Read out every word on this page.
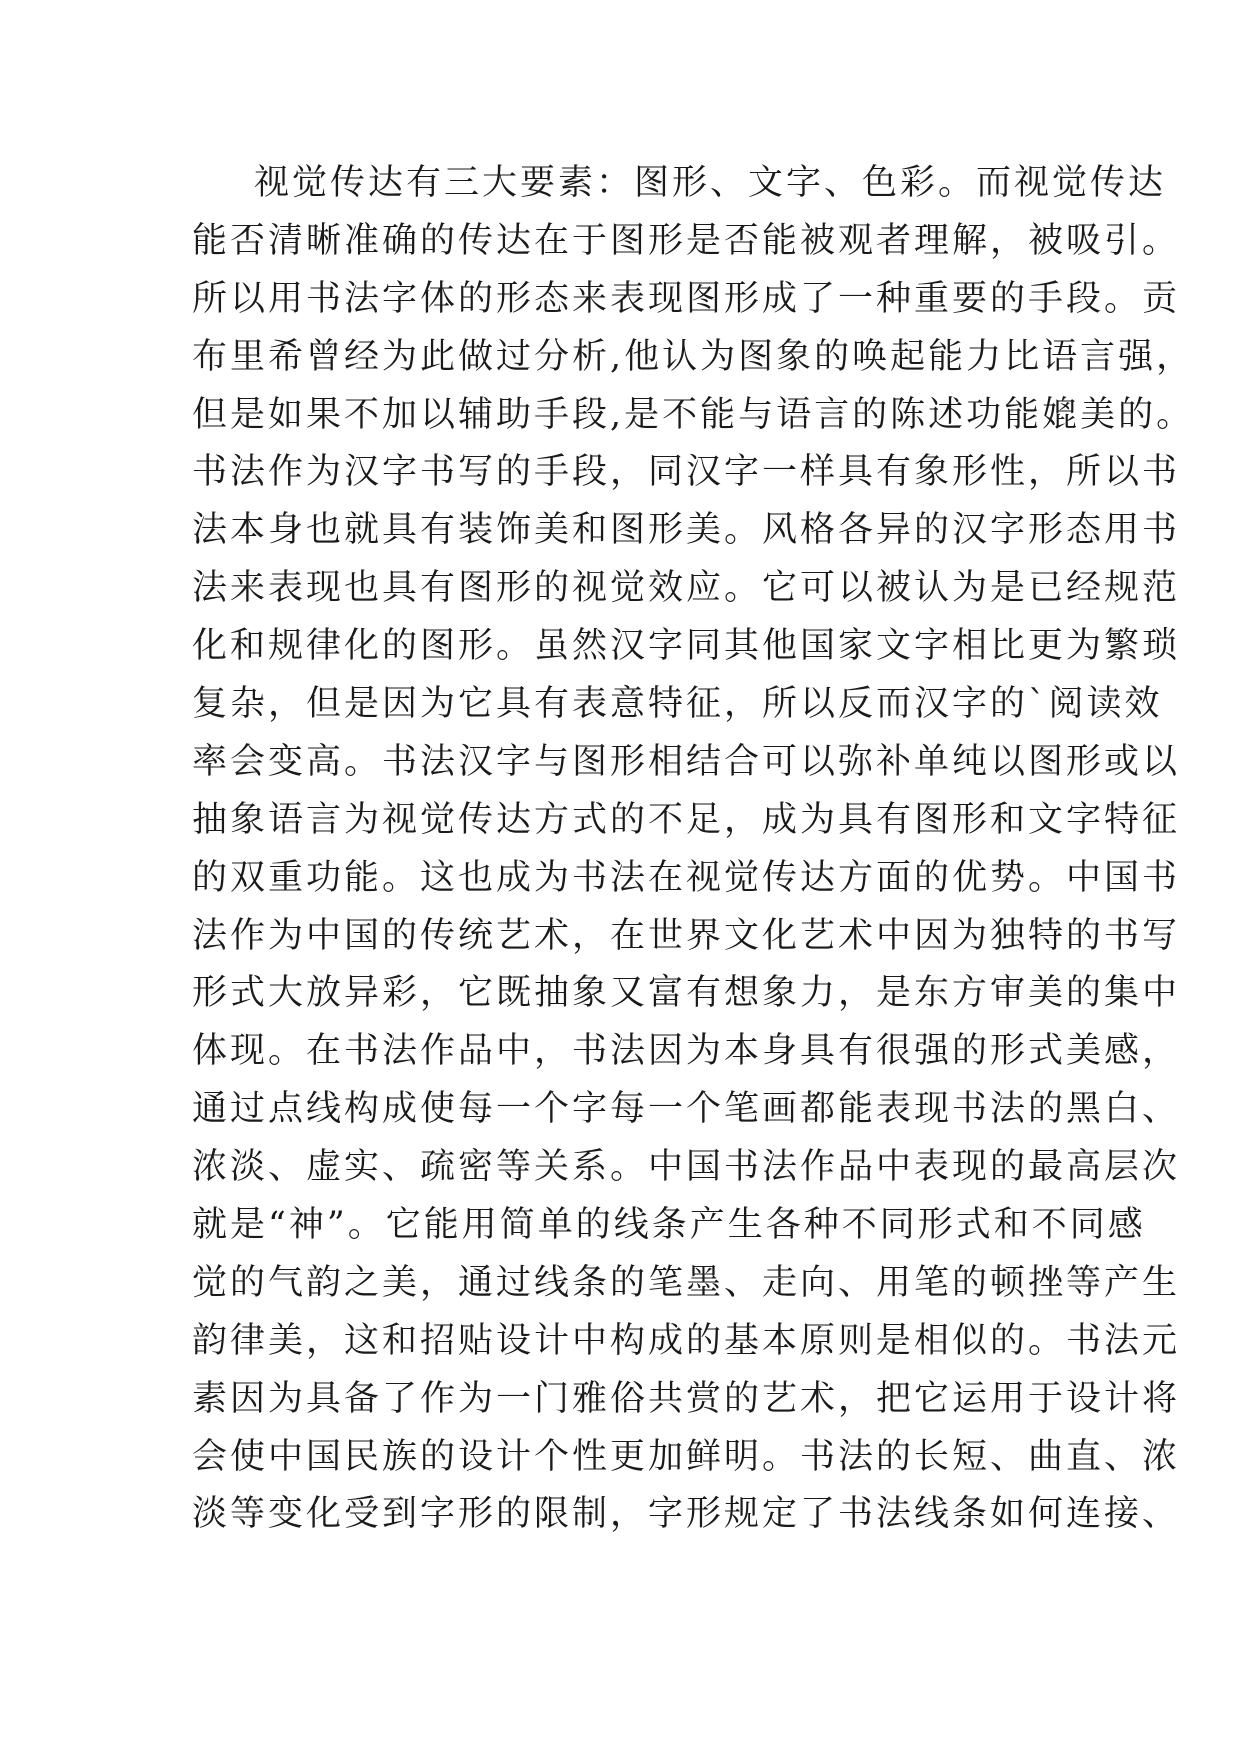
视觉传达有三大要素：图形、文字、色彩。而视觉传达
能否清晰准确的传达在于图形是否能被观者理解，被吸引。
所以用书法字体的形态来表现图形成了一种重要的手段。贡
布里希曾经为此做过分析,他认为图象的唤起能力比语言强，
但是如果不加以辅助手段,是不能与语言的陈述功能媲美的。
书法作为汉字书写的手段，同汉字一样具有象形性，所以书
法本身也就具有装饰美和图形美。风格各异的汉字形态用书
法来表现也具有图形的视觉效应。它可以被认为是已经规范
化和规律化的图形。虽然汉字同其他国家文字相比更为繁琐
复杂，但是因为它具有表意特征，所以反而汉字的`阅读效
率会变高。书法汉字与图形相结合可以弥补单纯以图形或以
抽象语言为视觉传达方式的不足，成为具有图形和文字特征
的双重功能。这也成为书法在视觉传达方面的优势。中国书
法作为中国的传统艺术，在世界文化艺术中因为独特的书写
形式大放异彩，它既抽象又富有想象力，是东方审美的集中
体现。在书法作品中，书法因为本身具有很强的形式美感，
通过点线构成使每一个字每一个笔画都能表现书法的黑白、
浓淡、虚实、疏密等关系。中国书法作品中表现的最高层次
就是“神”。它能用简单的线条产生各种不同形式和不同感
觉的气韵之美，通过线条的笔墨、走向、用笔的顿挫等产生
韵律美，这和招贴设计中构成的基本原则是相似的。书法元
素因为具备了作为一门雅俗共赏的艺术，把它运用于设计将
会使中国民族的设计个性更加鲜明。书法的长短、曲直、浓
淡等变化受到字形的限制，字形规定了书法线条如何连接、
